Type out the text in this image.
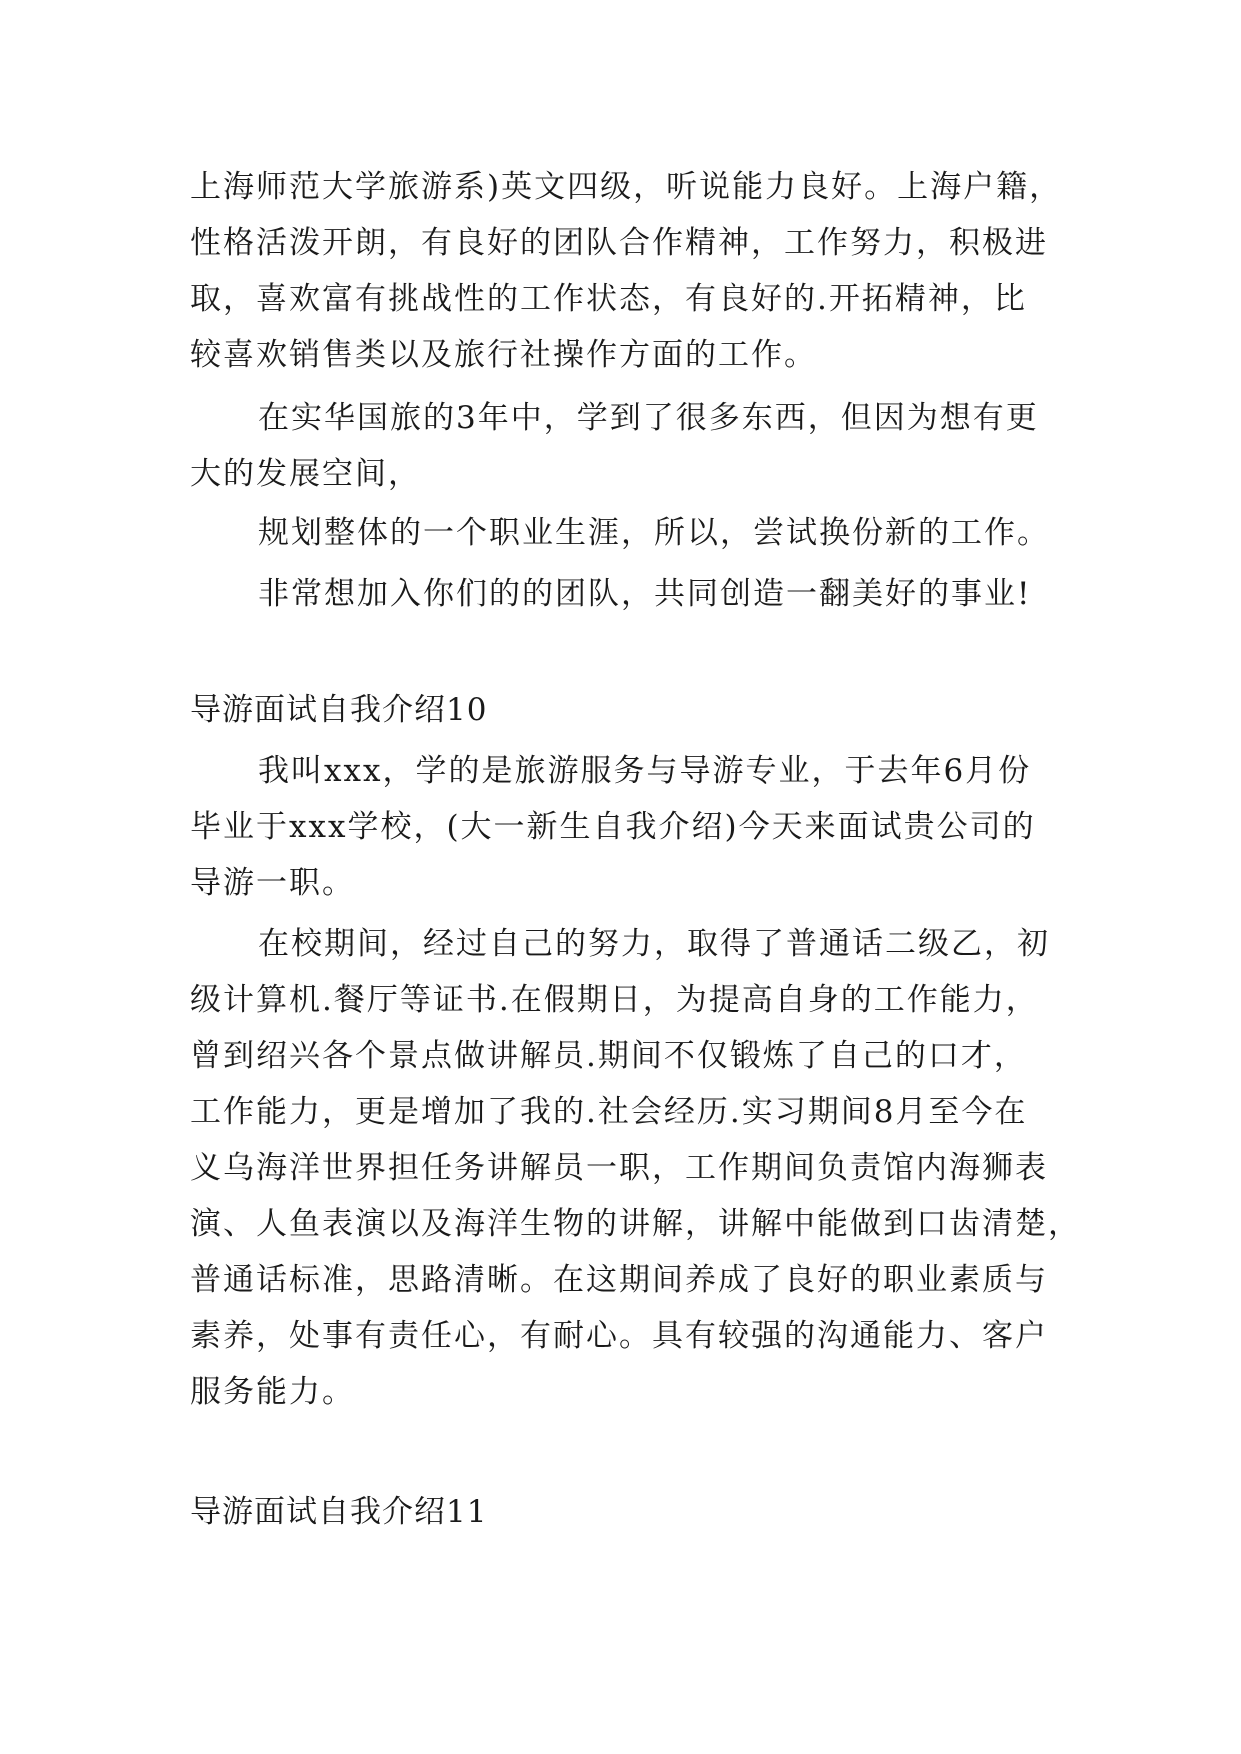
上海师范大学旅游系)英文四级，听说能力良好。上海户籍，
性格活泼开朗，有良好的团队合作精神，工作努力，积极进
取，喜欢富有挑战性的工作状态，有良好的.开拓精神，比
较喜欢销售类以及旅行社操作方面的工作。
在实华国旅的3年中，学到了很多东西，但因为想有更
大的发展空间，
规划整体的一个职业生涯，所以，尝试换份新的工作。
非常想加入你们的的团队，共同创造一翻美好的事业!
导游面试自我介绍10
我叫xxx，学的是旅游服务与导游专业，于去年6月份
毕业于xxx学校，(大一新生自我介绍)今天来面试贵公司的
导游一职。
在校期间，经过自己的努力，取得了普通话二级乙，初
级计算机.餐厅等证书.在假期日，为提高自身的工作能力，
曾到绍兴各个景点做讲解员.期间不仅锻炼了自己的口才，
工作能力，更是增加了我的.社会经历.实习期间8月至今在
义乌海洋世界担任务讲解员一职，工作期间负责馆内海狮表
演、人鱼表演以及海洋生物的讲解，讲解中能做到口齿清楚，
普通话标准，思路清晰。在这期间养成了良好的职业素质与
素养，处事有责任心，有耐心。具有较强的沟通能力、客户
服务能力。
导游面试自我介绍11
